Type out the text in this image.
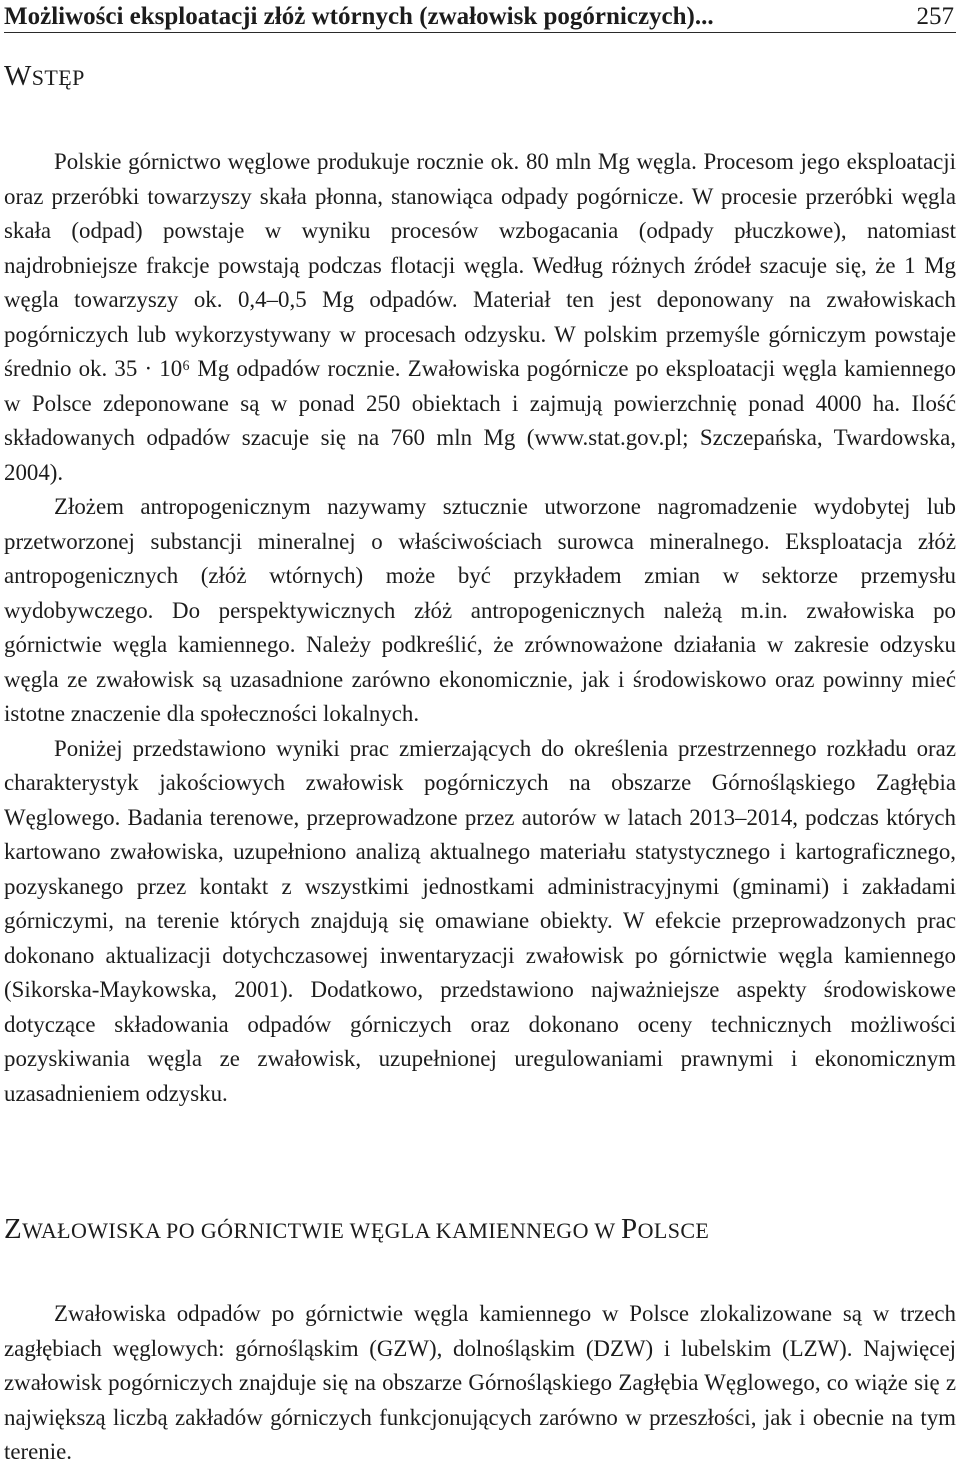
Możliwości eksploatacji złóż wtórnych (zwałowisk pogórniczych)...	257
WSTĘP

Polskie górnictwo węglowe produkuje rocznie ok. 80 mln Mg węgla. Procesom jego eksploatacji oraz przeróbki towarzyszy skała płonna, stanowiąca odpady pogórnicze. W procesie przeróbki węgla skała (odpad) powstaje w wyniku procesów wzbogacania (odpady płuczkowe), natomiast najdrobniejsze frakcje powstają podczas flotacji węgla. Według różnych źródeł szacuje się, że 1 Mg węgla towarzyszy ok. 0,4–0,5 Mg odpadów. Materiał ten jest deponowany na zwałowiskach pogórniczych lub wykorzystywany w procesach odzysku. W polskim przemyśle górniczym powstaje średnio ok. 35 · 10⁶ Mg odpadów rocznie. Zwałowiska pogórnicze po eksploatacji węgla kamiennego w Polsce zdeponowane są w ponad 250 obiektach i zajmują powierzchnię ponad 4000 ha. Ilość składowanych odpadów szacuje się na 760 mln Mg (www.stat.gov.pl; Szczepańska, Twardowska, 2004).

Złożem antropogenicznym nazywamy sztucznie utworzone nagromadzenie wydobytej lub przetworzonej substancji mineralnej o właściwościach surowca mineralnego. Eksploatacja złóż antropogenicznych (złóż wtórnych) może być przykładem zmian w sektorze przemysłu wydobywczego. Do perspektywicznych złóż antropogenicznych należą m.in. zwałowiska po górnictwie węgla kamiennego. Należy podkreślić, że zrównoważone działania w zakresie odzysku węgla ze zwałowisk są uzasadnione zarówno ekonomicznie, jak i środowiskowo oraz powinny mieć istotne znaczenie dla społeczności lokalnych.

Poniżej przedstawiono wyniki prac zmierzających do określenia przestrzennego rozkładu oraz charakterystyk jakościowych zwałowisk pogórniczych na obszarze Górnośląskiego Zagłębia Węglowego. Badania terenowe, przeprowadzone przez autorów w latach 2013–2014, podczas których kartowano zwałowiska, uzupełniono analizą aktualnego materiału statystycznego i kartograficznego, pozyskanego przez kontakt z wszystkimi jednostkami administracyjnymi (gminami) i zakładami górniczymi, na terenie których znajdują się omawiane obiekty. W efekcie przeprowadzonych prac dokonano aktualizacji dotychczasowej inwentaryzacji zwałowisk po górnictwie węgla kamiennego (Sikorska-Maykowska, 2001). Dodatkowo, przedstawiono najważniejsze aspekty środowiskowe dotyczące składowania odpadów górniczych oraz dokonano oceny technicznych możliwości pozyskiwania węgla ze zwałowisk, uzupełnionej uregulowaniami prawnymi i ekonomicznym uzasadnieniem odzysku.

ZWAŁOWISKA PO GÓRNICTWIE WĘGLA KAMIENNEGO W POLSCE

Zwałowiska odpadów po górnictwie węgla kamiennego w Polsce zlokalizowane są w trzech zagłębiach węglowych: górnośląskim (GZW), dolnośląskim (DZW) i lubelskim (LZW). Najwięcej zwałowisk pogórniczych znajduje się na obszarze Górnośląskiego Zagłębia Węglowego, co wiąże się z największą liczbą zakładów górniczych funkcjonujących zarówno w przeszłości, jak i obecnie na tym terenie.
